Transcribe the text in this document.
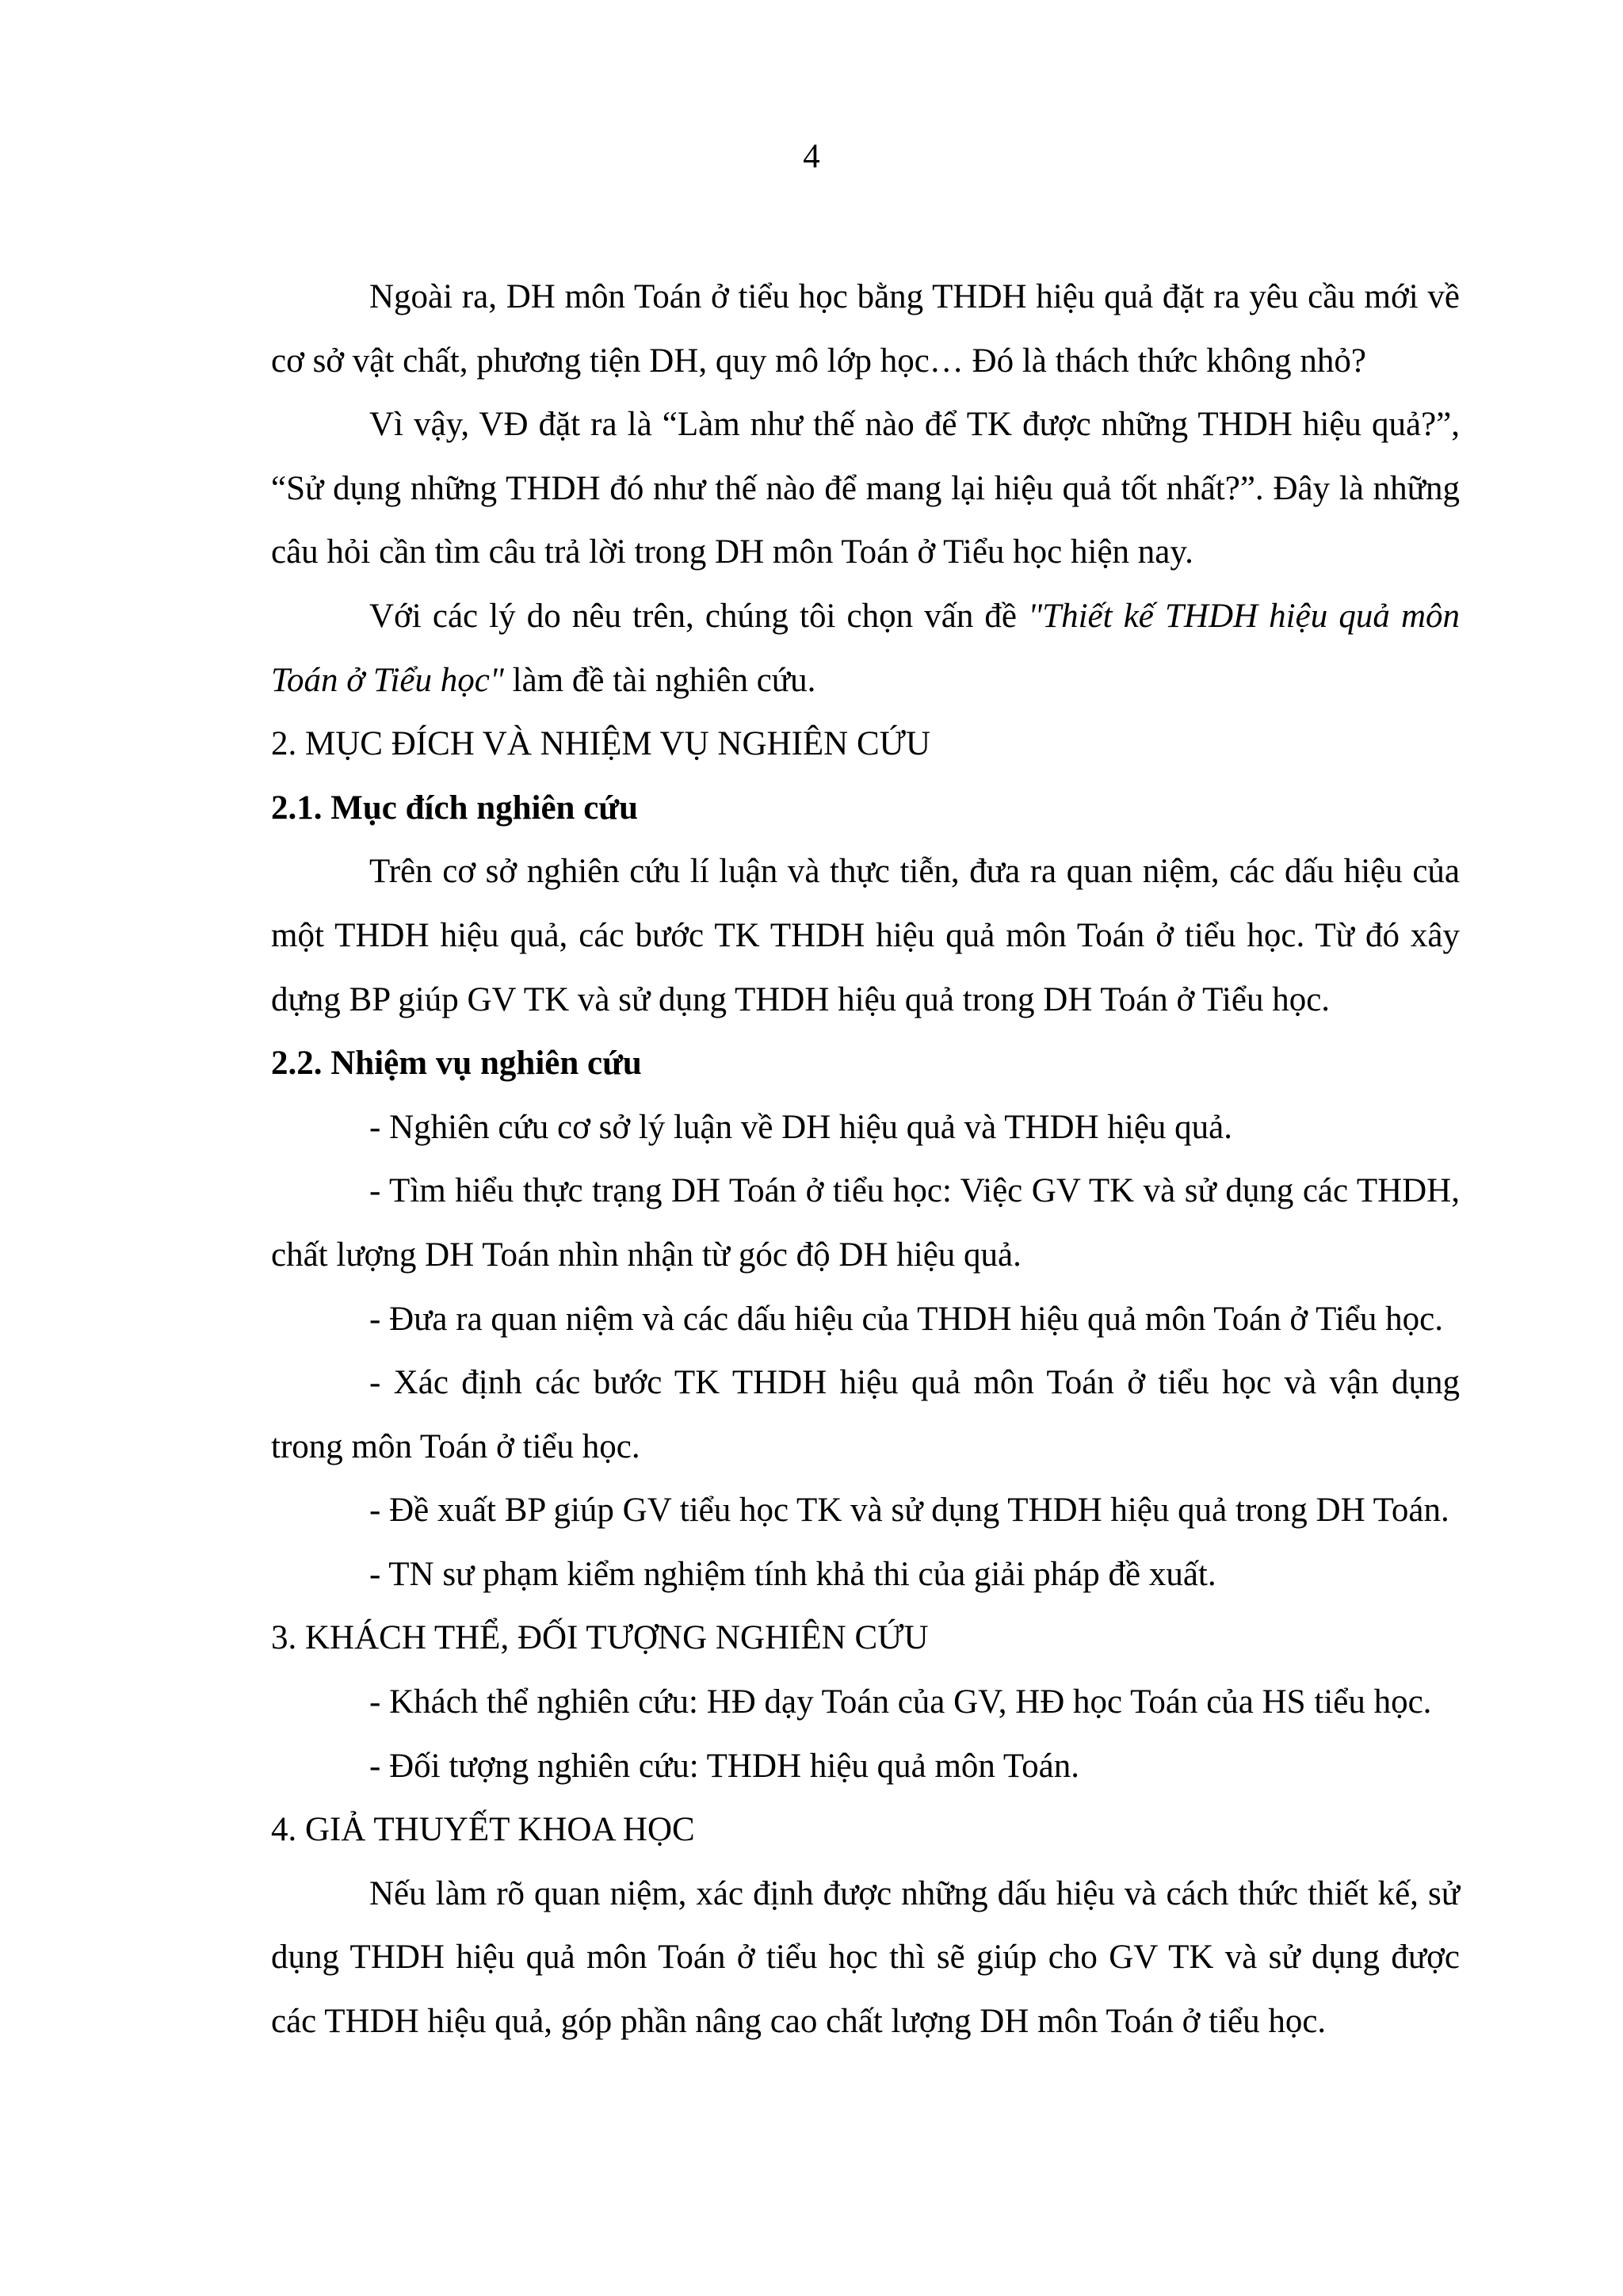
4

Ngoài ra, DH môn Toán ở tiểu học bằng THDH hiệu quả đặt ra yêu cầu mới về cơ sở vật chất, phương tiện DH, quy mô lớp học… Đó là thách thức không nhỏ?

Vì vậy, VĐ đặt ra là “Làm như thế nào để TK được những THDH hiệu quả?”, “Sử dụng những THDH đó như thế nào để mang lại hiệu quả tốt nhất?”. Đây là những câu hỏi cần tìm câu trả lời trong DH môn Toán ở Tiểu học hiện nay.

Với các lý do nêu trên, chúng tôi chọn vấn đề "Thiết kế THDH hiệu quả môn Toán ở Tiểu học" làm đề tài nghiên cứu.

2. MỤC ĐÍCH VÀ NHIỆM VỤ NGHIÊN CỨU
2.1. Mục đích nghiên cứu

Trên cơ sở nghiên cứu lí luận và thực tiễn, đưa ra quan niệm, các dấu hiệu của một THDH hiệu quả, các bước TK THDH hiệu quả môn Toán ở tiểu học. Từ đó xây dựng BP giúp GV TK và sử dụng THDH hiệu quả trong DH Toán ở Tiểu học.

2.2. Nhiệm vụ nghiên cứu

- Nghiên cứu cơ sở lý luận về DH hiệu quả và THDH hiệu quả.

- Tìm hiểu thực trạng DH Toán ở tiểu học: Việc GV TK và sử dụng các THDH, chất lượng DH Toán nhìn nhận từ góc độ DH hiệu quả.

- Đưa ra quan niệm và các dấu hiệu của THDH hiệu quả môn Toán ở Tiểu học.

- Xác định các bước TK THDH hiệu quả môn Toán ở tiểu học và vận dụng trong môn Toán ở tiểu học.

- Đề xuất BP giúp GV tiểu học TK và sử dụng THDH hiệu quả trong DH Toán.

- TN sư phạm kiểm nghiệm tính khả thi của giải pháp đề xuất.

3. KHÁCH THỂ, ĐỐI TƯỢNG NGHIÊN CỨU

- Khách thể nghiên cứu: HĐ dạy Toán của GV, HĐ học Toán của HS tiểu học.

- Đối tượng nghiên cứu: THDH hiệu quả môn Toán.

4. GIẢ THUYẾT KHOA HỌC

Nếu làm rõ quan niệm, xác định được những dấu hiệu và cách thức thiết kế, sử dụng THDH hiệu quả môn Toán ở tiểu học thì sẽ giúp cho GV TK và sử dụng được các THDH hiệu quả, góp phần nâng cao chất lượng DH môn Toán ở tiểu học.
